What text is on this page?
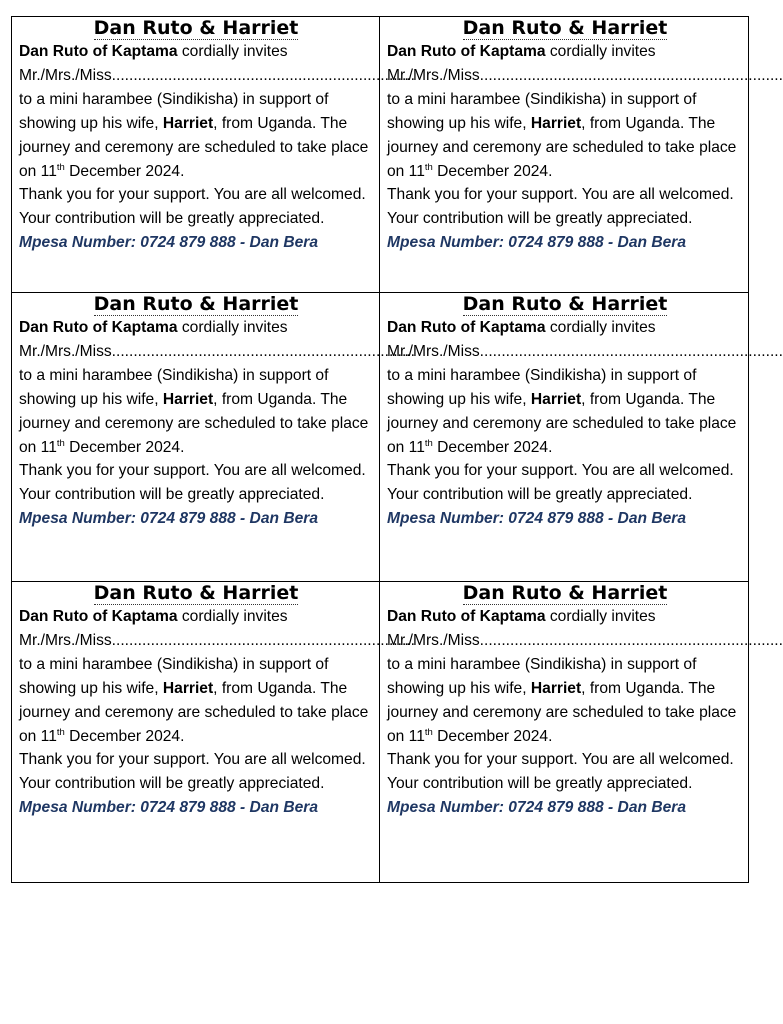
Dan Ruto & Harriet

Dan Ruto of Kaptama cordially invites
Mr./Mrs./Miss......................................................................
to a mini harambee (Sindikisha) in support of showing up his wife, Harriet, from Uganda. The journey and ceremony are scheduled to take place on 11th December 2024.
Thank you for your support. You are all welcomed. Your contribution will be greatly appreciated.
Mpesa Number: 0724 879 888 - Dan Bera

Dan Ruto & Harriet

Dan Ruto of Kaptama cordially invites
Mr./Mrs./Miss......................................................................
to a mini harambee (Sindikisha) in support of showing up his wife, Harriet, from Uganda. The journey and ceremony are scheduled to take place on 11th December 2024.
Thank you for your support. You are all welcomed. Your contribution will be greatly appreciated.
Mpesa Number: 0724 879 888 - Dan Bera

Dan Ruto & Harriet

Dan Ruto of Kaptama cordially invites
Mr./Mrs./Miss......................................................................
to a mini harambee (Sindikisha) in support of showing up his wife, Harriet, from Uganda. The journey and ceremony are scheduled to take place on 11th December 2024.
Thank you for your support. You are all welcomed. Your contribution will be greatly appreciated.
Mpesa Number: 0724 879 888 - Dan Bera

Dan Ruto & Harriet

Dan Ruto of Kaptama cordially invites
Mr./Mrs./Miss......................................................................
to a mini harambee (Sindikisha) in support of showing up his wife, Harriet, from Uganda. The journey and ceremony are scheduled to take place on 11th December 2024.
Thank you for your support. You are all welcomed. Your contribution will be greatly appreciated.
Mpesa Number: 0724 879 888 - Dan Bera

Dan Ruto & Harriet

Dan Ruto of Kaptama cordially invites
Mr./Mrs./Miss......................................................................
to a mini harambee (Sindikisha) in support of showing up his wife, Harriet, from Uganda. The journey and ceremony are scheduled to take place on 11th December 2024.
Thank you for your support. You are all welcomed. Your contribution will be greatly appreciated.
Mpesa Number: 0724 879 888 - Dan Bera

Dan Ruto & Harriet

Dan Ruto of Kaptama cordially invites
Mr./Mrs./Miss......................................................................
to a mini harambee (Sindikisha) in support of showing up his wife, Harriet, from Uganda. The journey and ceremony are scheduled to take place on 11th December 2024.
Thank you for your support. You are all welcomed. Your contribution will be greatly appreciated.
Mpesa Number: 0724 879 888 - Dan Bera
